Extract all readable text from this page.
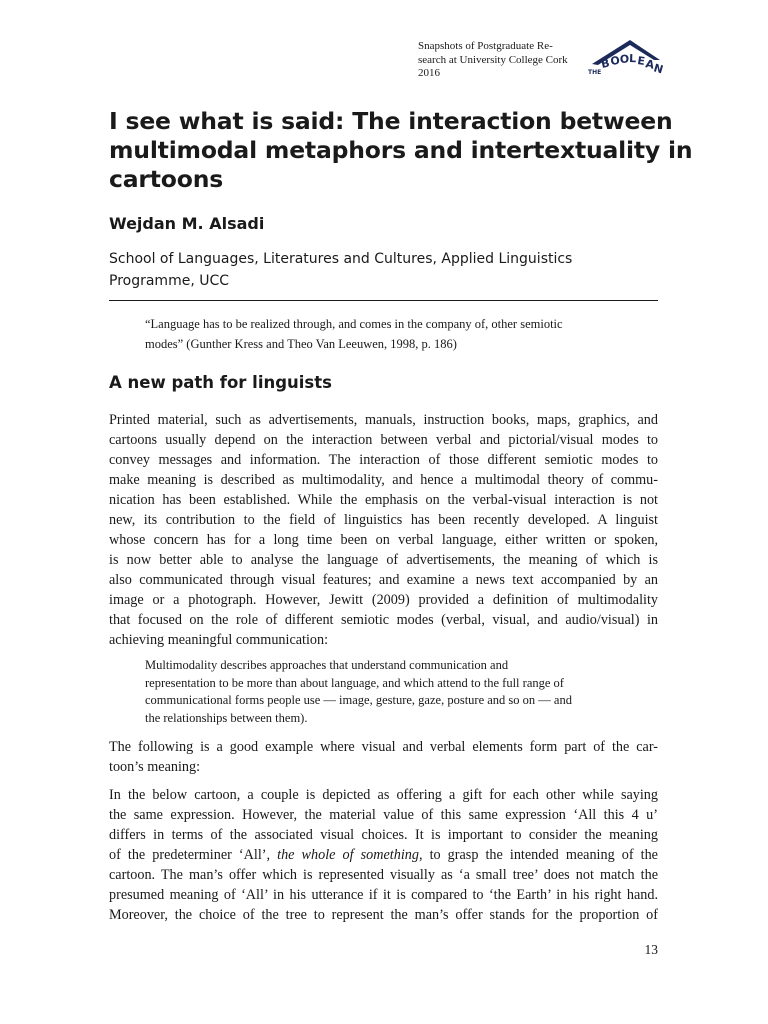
Snapshots of Postgraduate Re-
search at University College Cork
2016	THE
B
O
O L E
A
N
I see what is said: The interaction between
multimodal metaphors and intertextuality in
cartoons
Wejdan M. Alsadi
School of Languages, Literatures and Cultures, Applied Linguistics
Programme, UCC
“Language has to be realized through, and comes in the company of, other semiotic
modes” (Gunther Kress and Theo Van Leeuwen, 1998, p. 186)
A new path for linguists
Printed material, such as advertisements, manuals, instruction books, maps, graphics, and
cartoons usually depend on the interaction between verbal and pictorial/visual modes to
convey messages and information. The interaction of those different semiotic modes to
make meaning is described as multimodality, and hence a multimodal theory of commu-
nication has been established. While the emphasis on the verbal-visual interaction is not
new, its contribution to the field of linguistics has been recently developed. A linguist
whose concern has for a long time been on verbal language, either written or spoken,
is now better able to analyse the language of advertisements, the meaning of which is
also communicated through visual features; and examine a news text accompanied by an
image or a photograph. However, Jewitt (2009) provided a definition of multimodality
that focused on the role of different semiotic modes (verbal, visual, and audio/visual) in
achieving meaningful communication:
Multimodality describes approaches that understand communication and
representation to be more than about language, and which attend to the full range of
communicational forms people use — image, gesture, gaze, posture and so on — and
the relationships between them).
The following is a good example where visual and verbal elements form part of the car-
toon’s meaning:
In the below cartoon, a couple is depicted as offering a gift for each other while saying
the same expression. However, the material value of this same expression ‘All this 4 u’
differs in terms of the associated visual choices. It is important to consider the meaning
of the predeterminer ‘All’, the whole of something, to grasp the intended meaning of the
cartoon. The man’s offer which is represented visually as ‘a small tree’ does not match the
presumed meaning of ‘All’ in his utterance if it is compared to ‘the Earth’ in his right hand.
Moreover, the choice of the tree to represent the man’s offer stands for the proportion of
13
